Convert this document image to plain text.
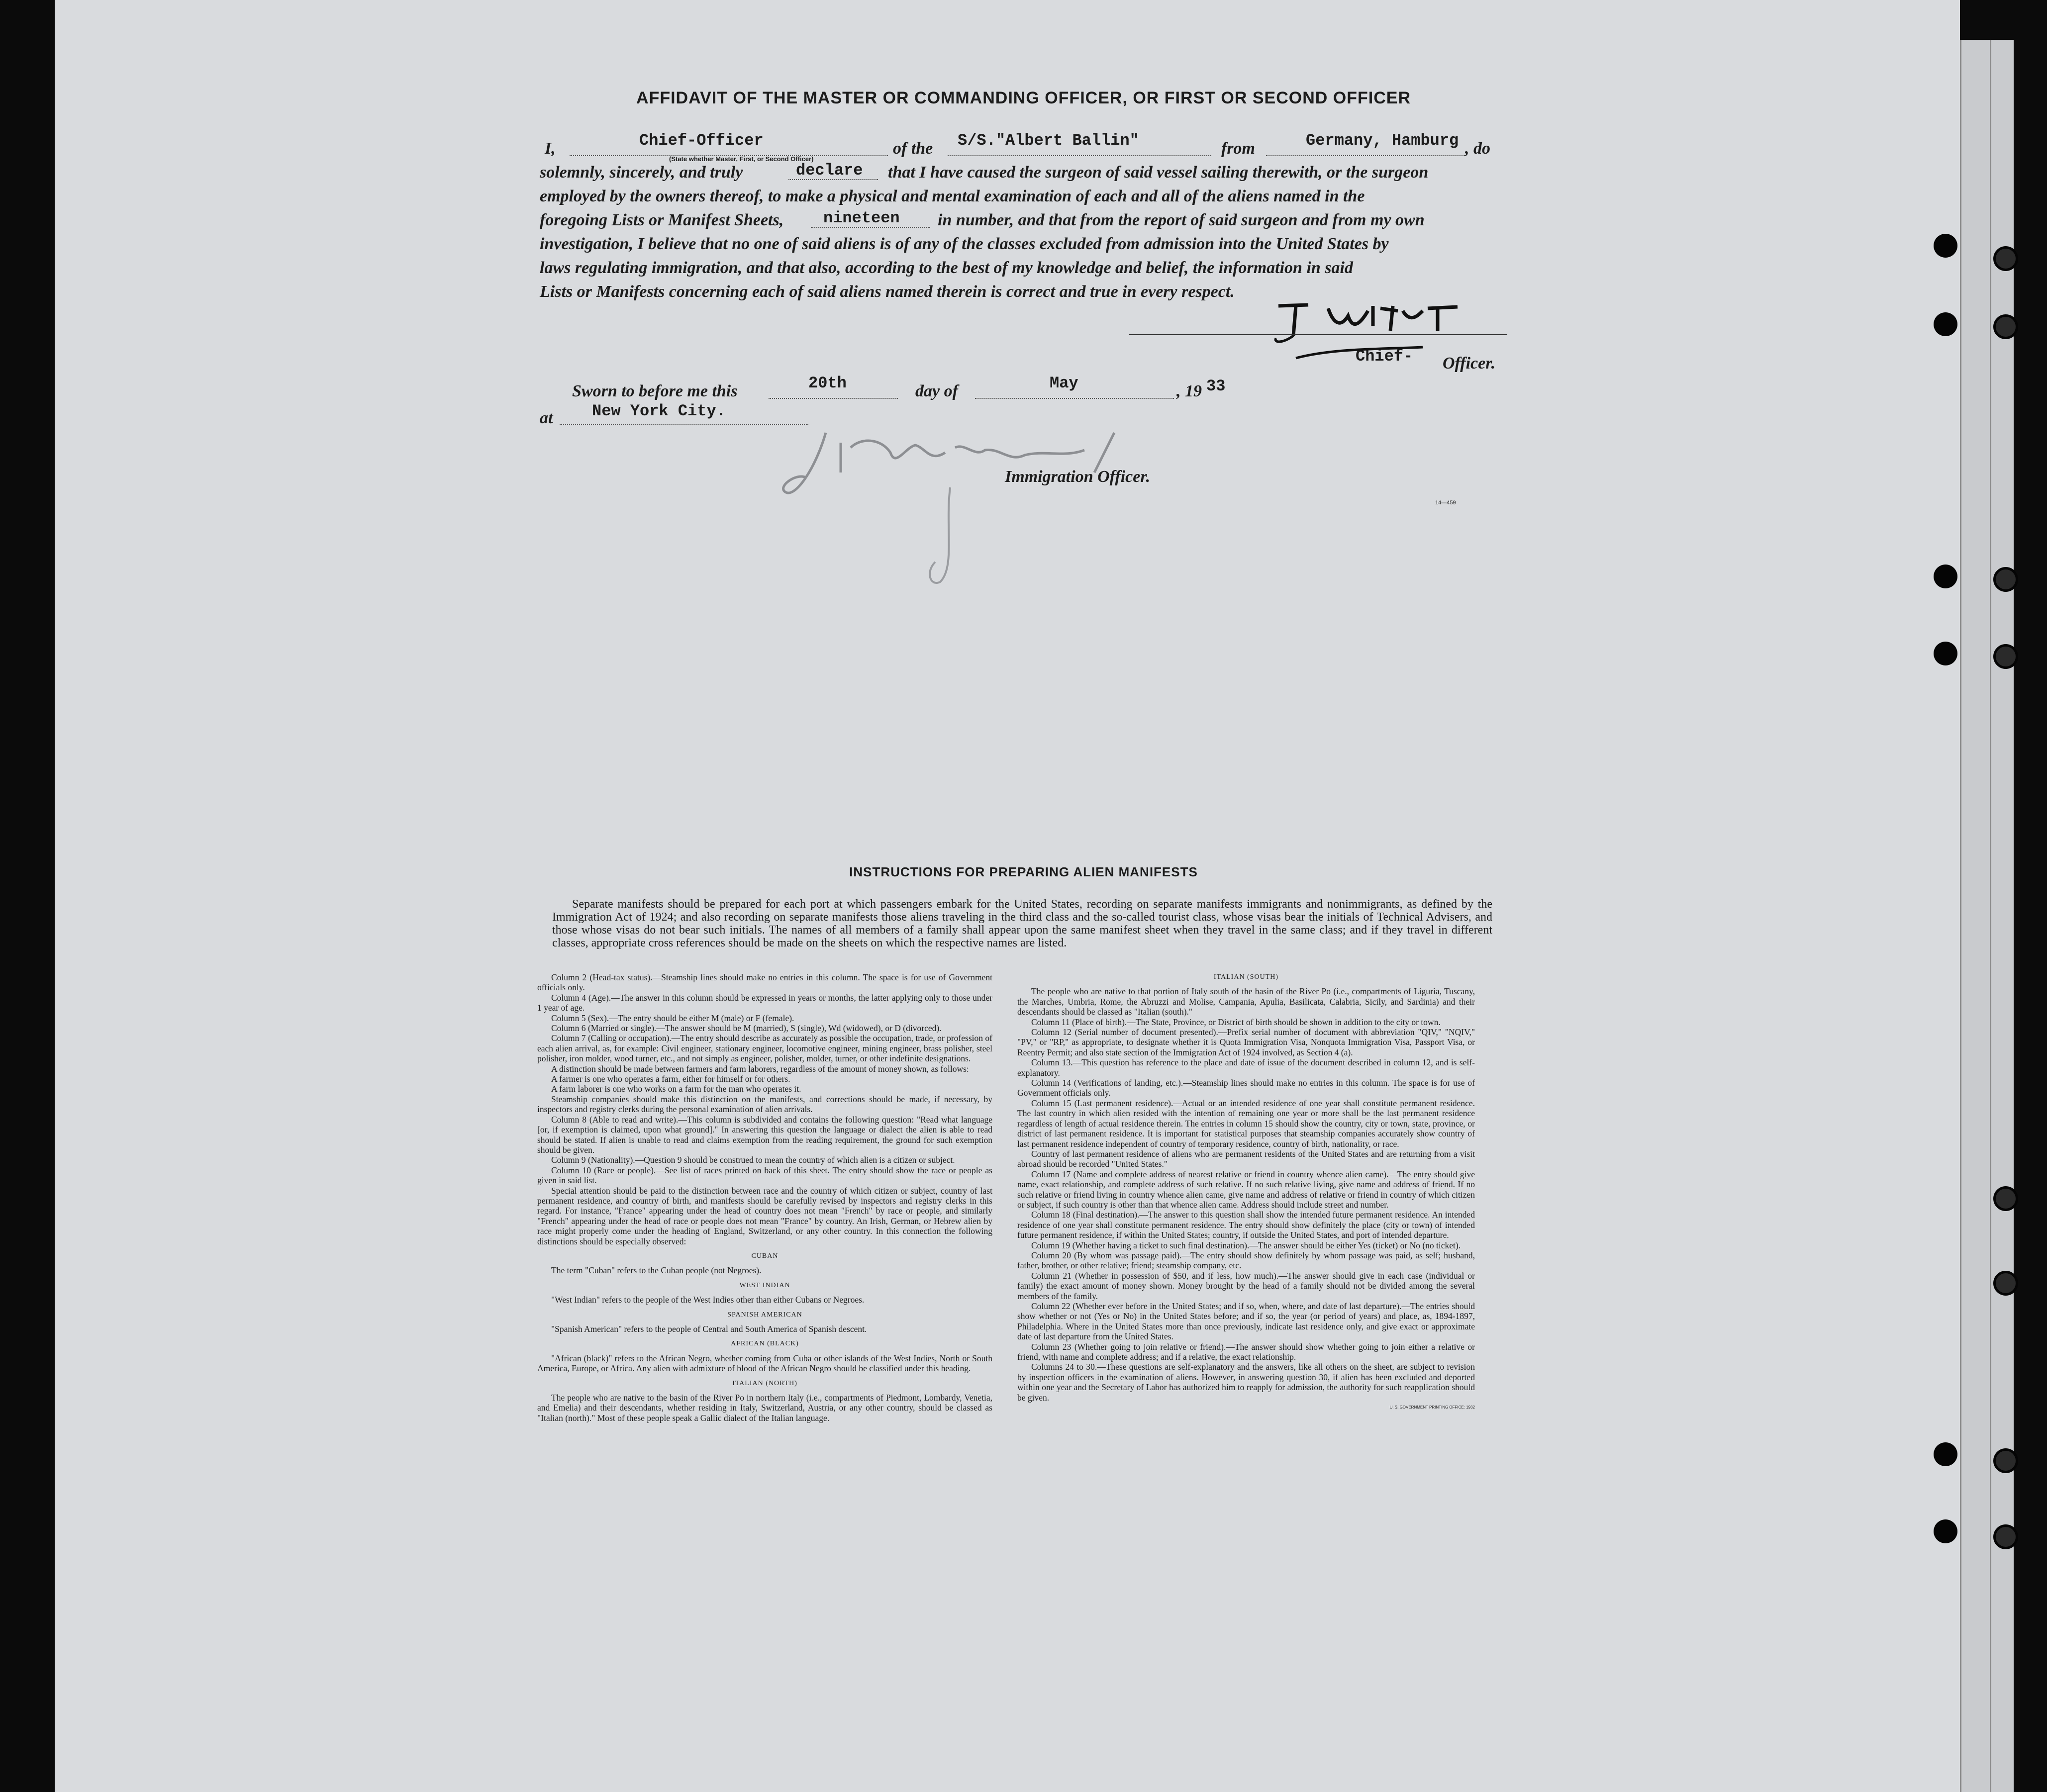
AFFIDAVIT OF THE MASTER OR COMMANDING OFFICER, OR FIRST OR SECOND OFFICER
I,	Chief-Officer
(State whether Master, First, or Second Officer)
of the S/S."Albert Ballin"	from	Germany, Hamburg , do
solemnly, sincerely, and truly	declare that I have caused the surgeon of said vessel sailing therewith, or the surgeon
employed by the owners thereof, to make a physical and mental examination of each and all of the aliens named in the
foregoing Lists or Manifest Sheets, nineteen in number, and that from the report of said surgeon and from my own
investigation, I believe that no one of said aliens is of any of the classes excluded from admission into the United States by
laws regulating immigration, and that also, according to the best of my knowledge and belief, the information in said
Lists or Manifests concerning each of said aliens named therein is correct and true in every respect.
Chief- Officer.
Sworn to before me this	20th	day of	May	, 19 33
at New York City.
Immigration Officer.
14—459
INSTRUCTIONS FOR PREPARING ALIEN MANIFESTS
Separate manifests should be prepared for each port at which passengers embark for the United States, recording on separate manifests immigrants and nonimmigrants, as defined by the Immigration Act of 1924; and also recording on separate manifests those aliens traveling in the third class and the so-called tourist class, whose visas bear the initials of Technical Advisers, and those whose visas do not bear such initials. The names of all members of a family shall appear upon the same manifest sheet when they travel in the same class; and if they travel in different classes, appropriate cross references should be made on the sheets on which the respective names are listed.

Column 2 (Head-tax status).—Steamship lines should make no entries in this column. The space is for use of Government officials only.

Column 4 (Age).—The answer in this column should be expressed in years or months, the latter applying only to those under 1 year of age.

Column 5 (Sex).—The entry should be either M (male) or F (female).

Column 6 (Married or single).—The answer should be M (married), S (single), Wd (widowed), or D (divorced).

Column 7 (Calling or occupation).—The entry should describe as accurately as possible the occupation, trade, or profession of each alien arrival, as, for example: Civil engineer, stationary engineer, locomotive engineer, mining engineer, brass polisher, steel polisher, iron molder, wood turner, etc., and not simply as engineer, polisher, molder, turner, or other indefinite designations.

A distinction should be made between farmers and farm laborers, regardless of the amount of money shown, as follows:

A farmer is one who operates a farm, either for himself or for others.

A farm laborer is one who works on a farm for the man who operates it.

Steamship companies should make this distinction on the manifests, and corrections should be made, if necessary, by inspectors and registry clerks during the personal examination of alien arrivals.

Column 8 (Able to read and write).—This column is subdivided and contains the following question: "Read what language [or, if exemption is claimed, upon what ground]." In answering this question the language or dialect the alien is able to read should be stated. If alien is unable to read and claims exemption from the reading requirement, the ground for such exemption should be given.

Column 9 (Nationality).—Question 9 should be construed to mean the country of which alien is a citizen or subject.

Column 10 (Race or people).—See list of races printed on back of this sheet. The entry should show the race or people as given in said list.

Special attention should be paid to the distinction between race and the country of which citizen or subject, country of last permanent residence, and country of birth, and manifests should be carefully revised by inspectors and registry clerks in this regard. For instance, "France" appearing under the head of country does not mean "French" by race or people, and similarly "French" appearing under the head of race or people does not mean "France" by country. An Irish, German, or Hebrew alien by race might properly come under the heading of England, Switzerland, or any other country. In this connection the following distinctions should be especially observed:

CUBAN

The term "Cuban" refers to the Cuban people (not Negroes).

WEST INDIAN

"West Indian" refers to the people of the West Indies other than either Cubans or Negroes.

SPANISH AMERICAN

"Spanish American" refers to the people of Central and South America of Spanish descent.

AFRICAN (BLACK)

"African (black)" refers to the African Negro, whether coming from Cuba or other islands of the West Indies, North or South America, Europe, or Africa. Any alien with admixture of blood of the African Negro should be classified under this heading.

ITALIAN (NORTH)

The people who are native to the basin of the River Po in northern Italy (i.e., compartments of Piedmont, Lombardy, Venetia, and Emelia) and their descendants, whether residing in Italy, Switzerland, Austria, or any other country, should be classed as "Italian (north)." Most of these people speak a Gallic dialect of the Italian language.

ITALIAN (SOUTH)

The people who are native to that portion of Italy south of the basin of the River Po (i.e., compartments of Liguria, Tuscany, the Marches, Umbria, Rome, the Abruzzi and Molise, Campania, Apulia, Basilicata, Calabria, Sicily, and Sardinia) and their descendants should be classed as "Italian (south)."

Column 11 (Place of birth).—The State, Province, or District of birth should be shown in addition to the city or town.

Column 12 (Serial number of document presented).—Prefix serial number of document with abbreviation "QIV," "NQIV," "PV," or "RP," as appropriate, to designate whether it is Quota Immigration Visa, Nonquota Immigration Visa, Passport Visa, or Reentry Permit; and also state section of the Immigration Act of 1924 involved, as Section 4 (a).

Column 13.—This question has reference to the place and date of issue of the document described in column 12, and is self-explanatory.

Column 14 (Verifications of landing, etc.).—Steamship lines should make no entries in this column. The space is for use of Government officials only.

Column 15 (Last permanent residence).—Actual or an intended residence of one year shall constitute permanent residence. The last country in which alien resided with the intention of remaining one year or more shall be the last permanent residence regardless of length of actual residence therein. The entries in column 15 should show the country, city or town, state, province, or district of last permanent residence. It is important for statistical purposes that steamship companies accurately show country of last permanent residence independent of country of temporary residence, country of birth, nationality, or race.

Country of last permanent residence of aliens who are permanent residents of the United States and are returning from a visit abroad should be recorded "United States."

Column 17 (Name and complete address of nearest relative or friend in country whence alien came).—The entry should give name, exact relationship, and complete address of such relative. If no such relative living, give name and address of friend. If no such relative or friend living in country whence alien came, give name and address of relative or friend in country of which citizen or subject, if such country is other than that whence alien came. Address should include street and number.

Column 18 (Final destination).—The answer to this question shall show the intended future permanent residence. An intended residence of one year shall constitute permanent residence. The entry should show definitely the place (city or town) of intended future permanent residence, if within the United States; country, if outside the United States, and port of intended departure.

Column 19 (Whether having a ticket to such final destination).—The answer should be either Yes (ticket) or No (no ticket).

Column 20 (By whom was passage paid).—The entry should show definitely by whom passage was paid, as self; husband, father, brother, or other relative; friend; steamship company, etc.

Column 21 (Whether in possession of $50, and if less, how much).—The answer should give in each case (individual or family) the exact amount of money shown. Money brought by the head of a family should not be divided among the several members of the family.

Column 22 (Whether ever before in the United States; and if so, when, where, and date of last departure).—The entries should show whether or not (Yes or No) in the United States before; and if so, the year (or period of years) and place, as, 1894-1897, Philadelphia. Where in the United States more than once previously, indicate last residence only, and give exact or approximate date of last departure from the United States.

Column 23 (Whether going to join relative or friend).—The answer should show whether going to join either a relative or friend, with name and complete address; and if a relative, the exact relationship.

Columns 24 to 30.—These questions are self-explanatory and the answers, like all others on the sheet, are subject to revision by inspection officers in the examination of aliens. However, in answering question 30, if alien has been excluded and deported within one year and the Secretary of Labor has authorized him to reapply for admission, the authority for such reapplication should be given.

U. S. GOVERNMENT PRINTING OFFICE: 1932
